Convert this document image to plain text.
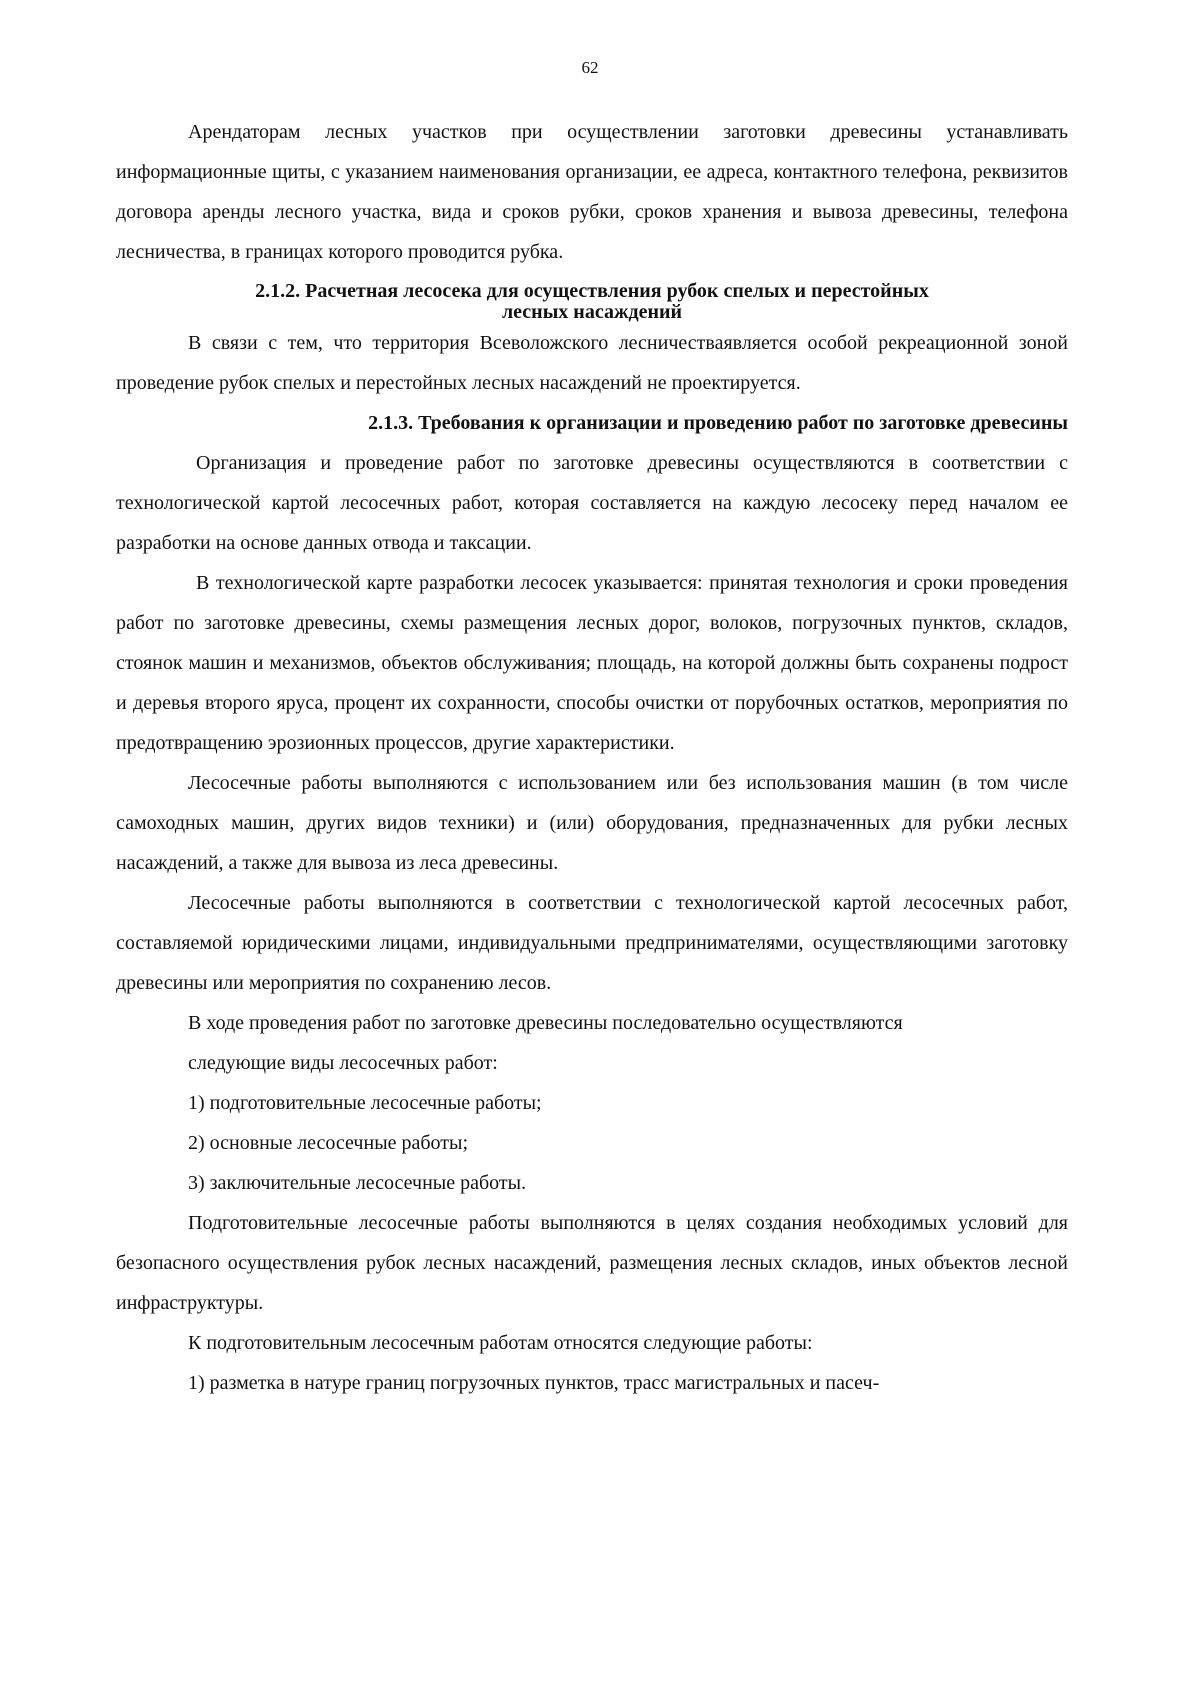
62

Арендаторам лесных участков при осуществлении заготовки древесины устанавливать информационные щиты, с указанием наименования организации, ее адреса, контактного телефона, реквизитов договора аренды лесного участка, вида и сроков рубки, сроков хранения и вывоза древесины, телефона лесничества, в границах которого проводится рубка.

2.1.2. Расчетная лесосека для осуществления рубок спелых и перестойных
лесных насаждений

В связи с тем, что территория Всеволожского лесничестваявляется особой рекреационной зоной проведение рубок спелых и перестойных лесных насаждений не проектируется.

2.1.3. Требования к организации и проведению работ по заготовке древесины

Организация и проведение работ по заготовке древесины осуществляются в соответствии с технологической картой лесосечных работ, которая составляется на каждую лесосеку перед началом ее разработки на основе данных отвода и таксации.

В технологической карте разработки лесосек указывается: принятая технология и сроки проведения работ по заготовке древесины, схемы размещения лесных дорог, волоков, погрузочных пунктов, складов, стоянок машин и механизмов, объектов обслуживания; площадь, на которой должны быть сохранены подрост и деревья второго яруса, процент их сохранности, способы очистки от порубочных остатков, мероприятия по предотвращению эрозионных процессов, другие характеристики.

Лесосечные работы выполняются с использованием или без использования машин (в том числе самоходных машин, других видов техники) и (или) оборудования, предназначенных для рубки лесных насаждений, а также для вывоза из леса древесины.

Лесосечные работы выполняются в соответствии с технологической картой лесосечных работ, составляемой юридическими лицами, индивидуальными предпринимателями, осуществляющими заготовку древесины или мероприятия по сохранению лесов.

В ходе проведения работ по заготовке древесины последовательно осуществляются

следующие виды лесосечных работ:

1) подготовительные лесосечные работы;

2) основные лесосечные работы;

3) заключительные лесосечные работы.

Подготовительные лесосечные работы выполняются в целях создания необходимых условий для безопасного осуществления рубок лесных насаждений, размещения лесных складов, иных объектов лесной инфраструктуры.

К подготовительным лесосечным работам относятся следующие работы:

1) разметка в натуре границ погрузочных пунктов, трасс магистральных и пасеч-
